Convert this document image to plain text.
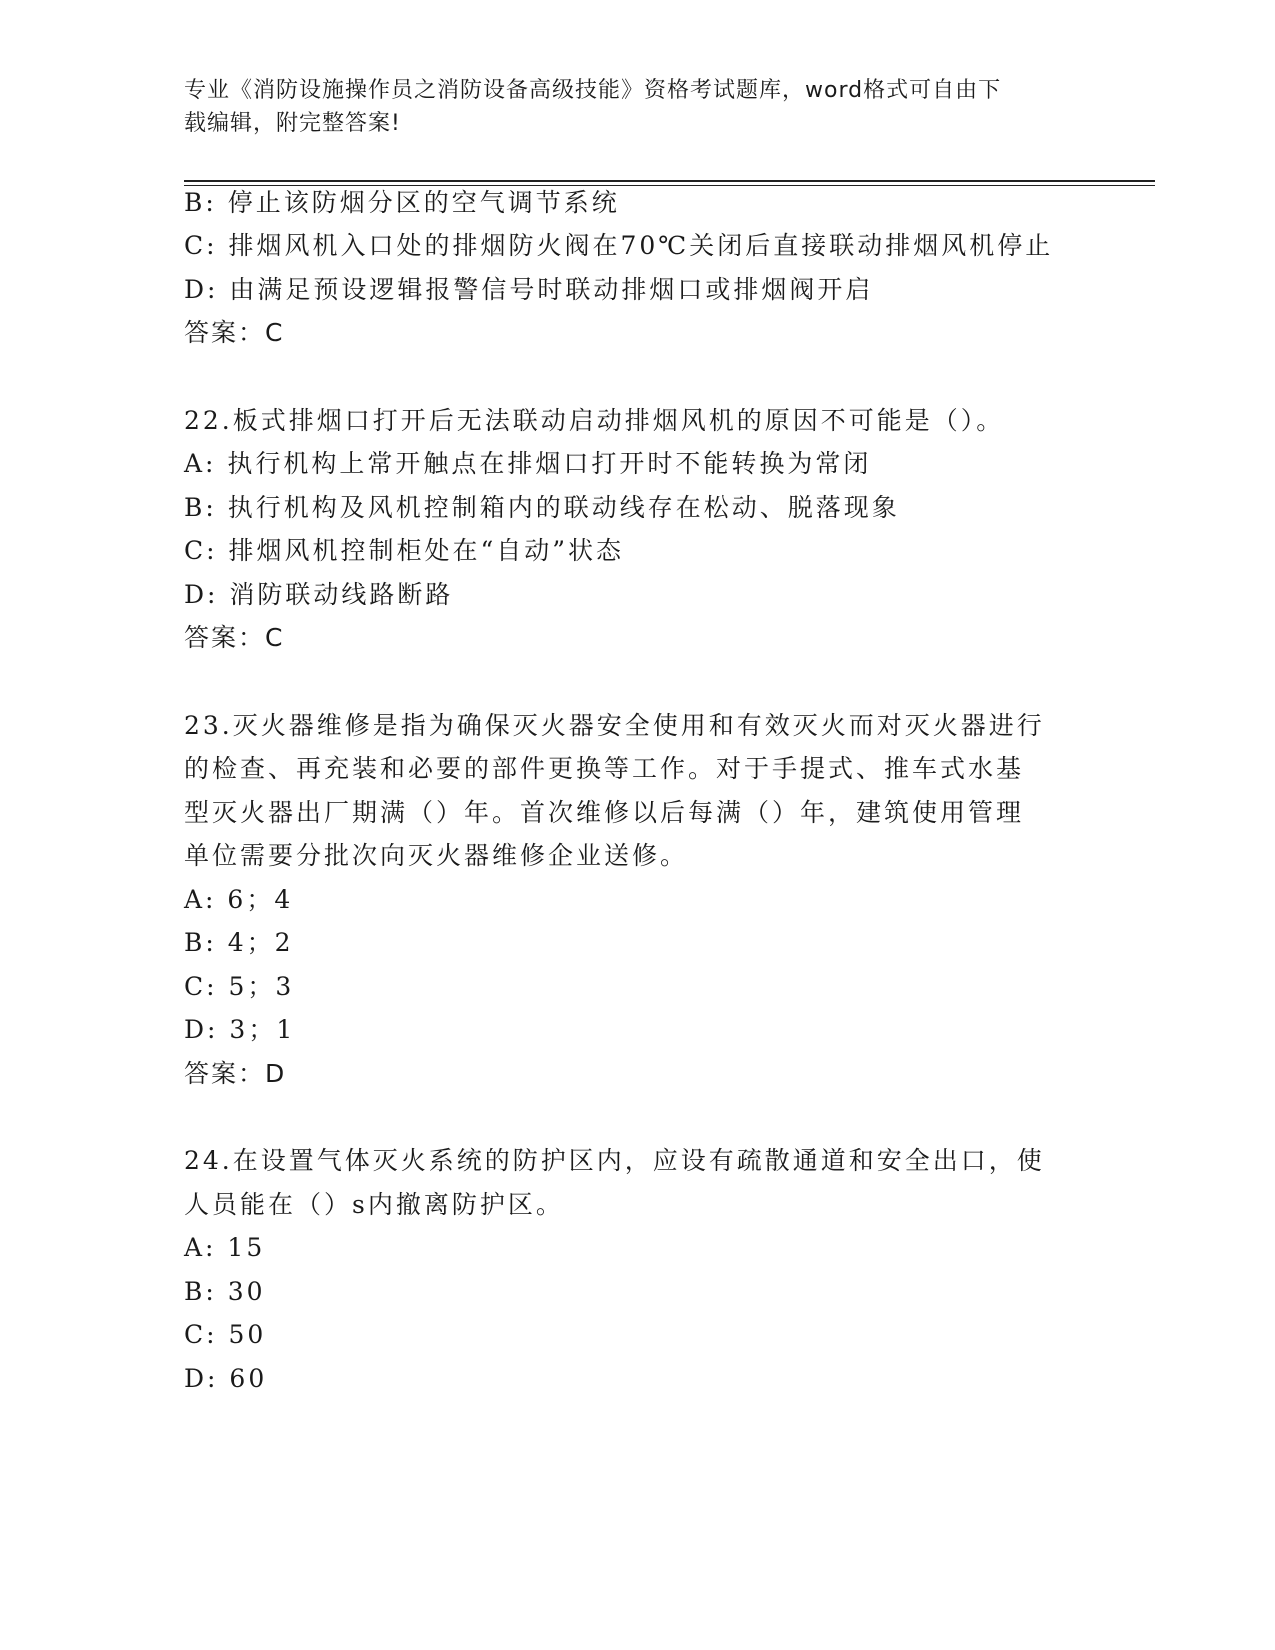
专业《消防设施操作员之消防设备高级技能》资格考试题库，word格式可自由下
载编辑，附完整答案!
B: 停止该防烟分区的空气调节系统
C: 排烟风机入口处的排烟防火阀在70℃关闭后直接联动排烟风机停止
D: 由满足预设逻辑报警信号时联动排烟口或排烟阀开启
答案：C
22.板式排烟口打开后无法联动启动排烟风机的原因不可能是（）。
A: 执行机构上常开触点在排烟口打开时不能转换为常闭
B: 执行机构及风机控制箱内的联动线存在松动、脱落现象
C: 排烟风机控制柜处在“自动”状态
D: 消防联动线路断路
答案：C
23.灭火器维修是指为确保灭火器安全使用和有效灭火而对灭火器进行
的检查、再充装和必要的部件更换等工作。对于手提式、推车式水基
型灭火器出厂期满（）年。首次维修以后每满（）年，建筑使用管理
单位需要分批次向灭火器维修企业送修。
A: 6；4
B: 4；2
C: 5；3
D: 3；1
答案：D
24.在设置气体灭火系统的防护区内，应设有疏散通道和安全出口，使
人员能在（）s内撤离防护区。
A: 15
B: 30
C: 50
D: 60
